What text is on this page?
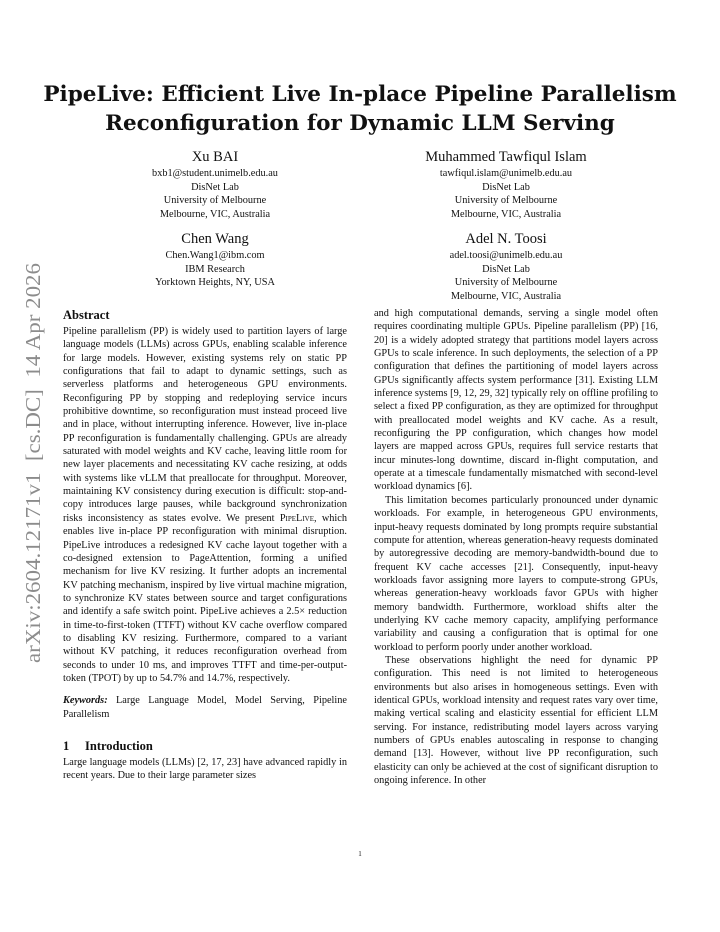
PipeLive: Efficient Live In-place Pipeline Parallelism Reconfiguration for Dynamic LLM Serving
Xu BAI
bxb1@student.unimelb.edu.au
DisNet Lab
University of Melbourne
Melbourne, VIC, Australia
Muhammed Tawfiqul Islam
tawfiqul.islam@unimelb.edu.au
DisNet Lab
University of Melbourne
Melbourne, VIC, Australia
Chen Wang
Chen.Wang1@ibm.com
IBM Research
Yorktown Heights, NY, USA
Adel N. Toosi
adel.toosi@unimelb.edu.au
DisNet Lab
University of Melbourne
Melbourne, VIC, Australia
arXiv:2604.12171v1  [cs.DC]  14 Apr 2026 Abstract

Pipeline parallelism (PP) is widely used to partition layers of large language models (LLMs) across GPUs, enabling scalable inference for large models. However, existing systems rely on static PP configurations that fail to adapt to dynamic settings, such as serverless platforms and heterogeneous GPU environments. Reconfiguring PP by stopping and redeploying service incurs prohibitive downtime, so reconfiguration must instead proceed live and in place, without interrupting inference. However, live in-place PP reconfiguration is fundamentally challenging. GPUs are already saturated with model weights and KV cache, leaving little room for new layer placements and necessitating KV cache resizing, at odds with systems like vLLM that preallocate for throughput. Moreover, maintaining KV consistency during execution is difficult: stop-and-copy introduces large pauses, while background synchronization risks inconsistency as states evolve. We present PipeLive, which enables live in-place PP reconfiguration with minimal disruption. PipeLive introduces a redesigned KV cache layout together with a co-designed extension to PageAttention, forming a unified mechanism for live KV resizing. It further adopts an incremental KV patching mechanism, inspired by live virtual machine migration, to synchronize KV states between source and target configurations and identify a safe switch point. PipeLive achieves a 2.5× reduction in time-to-first-token (TTFT) without KV cache overflow compared to disabling KV resizing. Furthermore, compared to a variant without KV patching, it reduces reconfiguration overhead from seconds to under 10 ms, and improves TTFT and time-per-output-token (TPOT) by up to 54.7% and 14.7%, respectively.

Keywords: Large Language Model, Model Serving, Pipeline Parallelism

1 Introduction

Large language models (LLMs) [2, 17, 23] have advanced rapidly in recent years. Due to their large parameter sizes

and high computational demands, serving a single model often requires coordinating multiple GPUs. Pipeline parallelism (PP) [16, 20] is a widely adopted strategy that partitions model layers across GPUs to scale inference. In such deployments, the selection of a PP configuration that defines the partitioning of model layers across GPUs significantly affects system performance [31]. Existing LLM inference systems [9, 12, 29, 32] typically rely on offline profiling to select a fixed PP configuration, as they are optimized for throughput with preallocated model weights and KV cache. As a result, reconfiguring the PP configuration, which changes how model layers are mapped across GPUs, requires full service restarts that incur minutes-long downtime, discard in-flight computation, and operate at a timescale fundamentally mismatched with second-level workload dynamics [6].

This limitation becomes particularly pronounced under dynamic workloads. For example, in heterogeneous GPU environments, input-heavy requests dominated by long prompts require substantial compute for attention, whereas generation-heavy requests dominated by autoregressive decoding are memory-bandwidth-bound due to frequent KV cache accesses [21]. Consequently, input-heavy workloads favor assigning more layers to compute-strong GPUs, whereas generation-heavy workloads favor GPUs with higher memory bandwidth. Furthermore, workload shifts alter the underlying KV cache memory capacity, amplifying performance variability and causing a configuration that is optimal for one workload to perform poorly under another workload.

These observations highlight the need for dynamic PP configuration. This need is not limited to heterogeneous environments but also arises in homogeneous settings. Even with identical GPUs, workload intensity and request rates vary over time, making vertical scaling and elasticity essential for efficient LLM serving. For instance, redistributing model layers across varying numbers of GPUs enables autoscaling in response to changing demand [13]. However, without live PP reconfiguration, such elasticity can only be achieved at the cost of significant disruption to ongoing inference. In other

1
